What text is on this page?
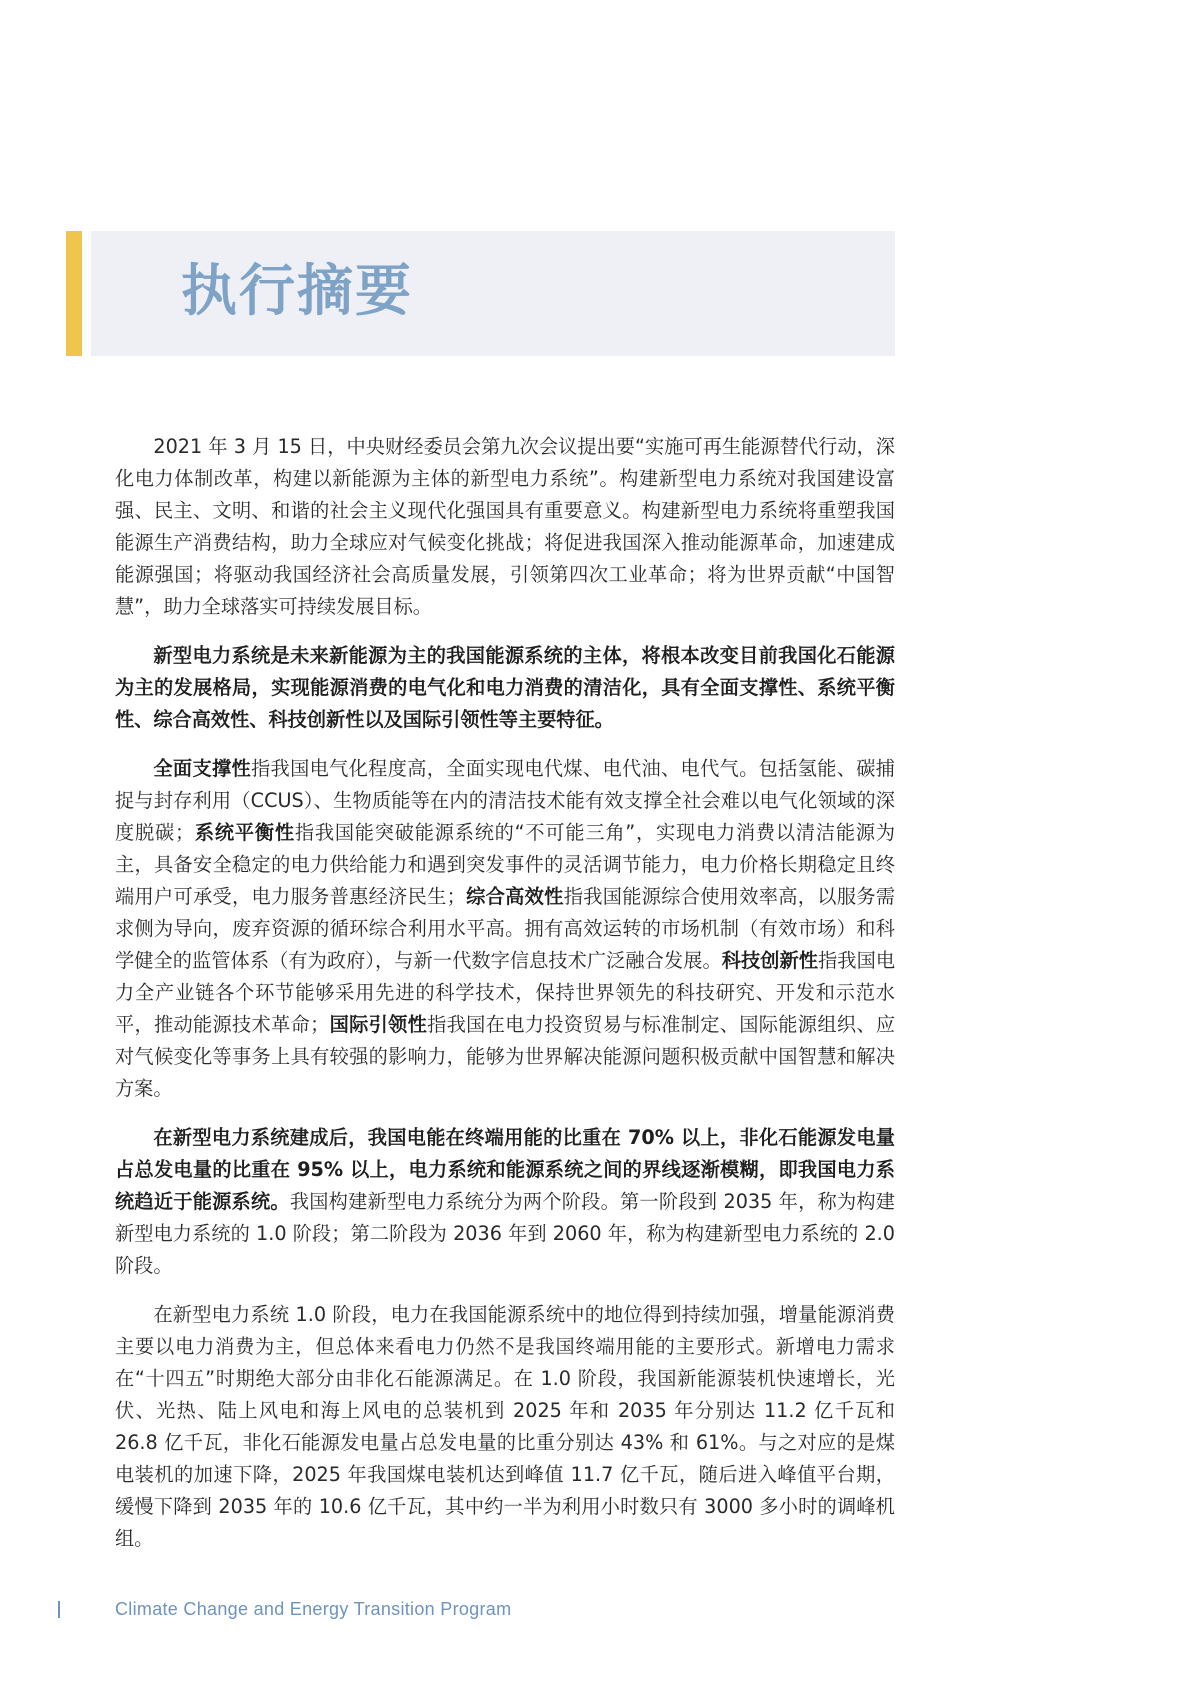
执行摘要

2021 年 3 月 15 日，中央财经委员会第九次会议提出要“实施可再生能源替代行动，深化电力体制改革，构建以新能源为主体的新型电力系统”。构建新型电力系统对我国建设富强、民主、文明、和谐的社会主义现代化强国具有重要意义。构建新型电力系统将重塑我国能源生产消费结构，助力全球应对气候变化挑战；将促进我国深入推动能源革命，加速建成能源强国；将驱动我国经济社会高质量发展，引领第四次工业革命；将为世界贡献“中国智慧”，助力全球落实可持续发展目标。

新型电力系统是未来新能源为主的我国能源系统的主体，将根本改变目前我国化石能源为主的发展格局，实现能源消费的电气化和电力消费的清洁化，具有全面支撑性、系统平衡性、综合高效性、科技创新性以及国际引领性等主要特征。

全面支撑性指我国电气化程度高，全面实现电代煤、电代油、电代气。包括氢能、碳捕捉与封存利用（CCUS）、生物质能等在内的清洁技术能有效支撑全社会难以电气化领域的深度脱碳；系统平衡性指我国能突破能源系统的“不可能三角”，实现电力消费以清洁能源为主，具备安全稳定的电力供给能力和遇到突发事件的灵活调节能力，电力价格长期稳定且终端用户可承受，电力服务普惠经济民生；综合高效性指我国能源综合使用效率高，以服务需求侧为导向，废弃资源的循环综合利用水平高。拥有高效运转的市场机制（有效市场）和科学健全的监管体系（有为政府），与新一代数字信息技术广泛融合发展。科技创新性指我国电力全产业链各个环节能够采用先进的科学技术，保持世界领先的科技研究、开发和示范水平，推动能源技术革命；国际引领性指我国在电力投资贸易与标准制定、国际能源组织、应对气候变化等事务上具有较强的影响力，能够为世界解决能源问题积极贡献中国智慧和解决方案。

在新型电力系统建成后，我国电能在终端用能的比重在 70% 以上，非化石能源发电量占总发电量的比重在 95% 以上，电力系统和能源系统之间的界线逐渐模糊，即我国电力系统趋近于能源系统。我国构建新型电力系统分为两个阶段。第一阶段到 2035 年，称为构建新型电力系统的 1.0 阶段；第二阶段为 2036 年到 2060 年，称为构建新型电力系统的 2.0 阶段。

在新型电力系统 1.0 阶段，电力在我国能源系统中的地位得到持续加强，增量能源消费主要以电力消费为主，但总体来看电力仍然不是我国终端用能的主要形式。新增电力需求在“十四五”时期绝大部分由非化石能源满足。在 1.0 阶段，我国新能源装机快速增长，光伏、光热、陆上风电和海上风电的总装机到 2025 年和 2035 年分别达 11.2 亿千瓦和 26.8 亿千瓦，非化石能源发电量占总发电量的比重分别达 43% 和 61%。与之对应的是煤电装机的加速下降，2025 年我国煤电装机达到峰值 11.7 亿千瓦，随后进入峰值平台期，缓慢下降到 2035 年的 10.6 亿千瓦，其中约一半为利用小时数只有 3000 多小时的调峰机组。

Climate Change and Energy Transition Program
